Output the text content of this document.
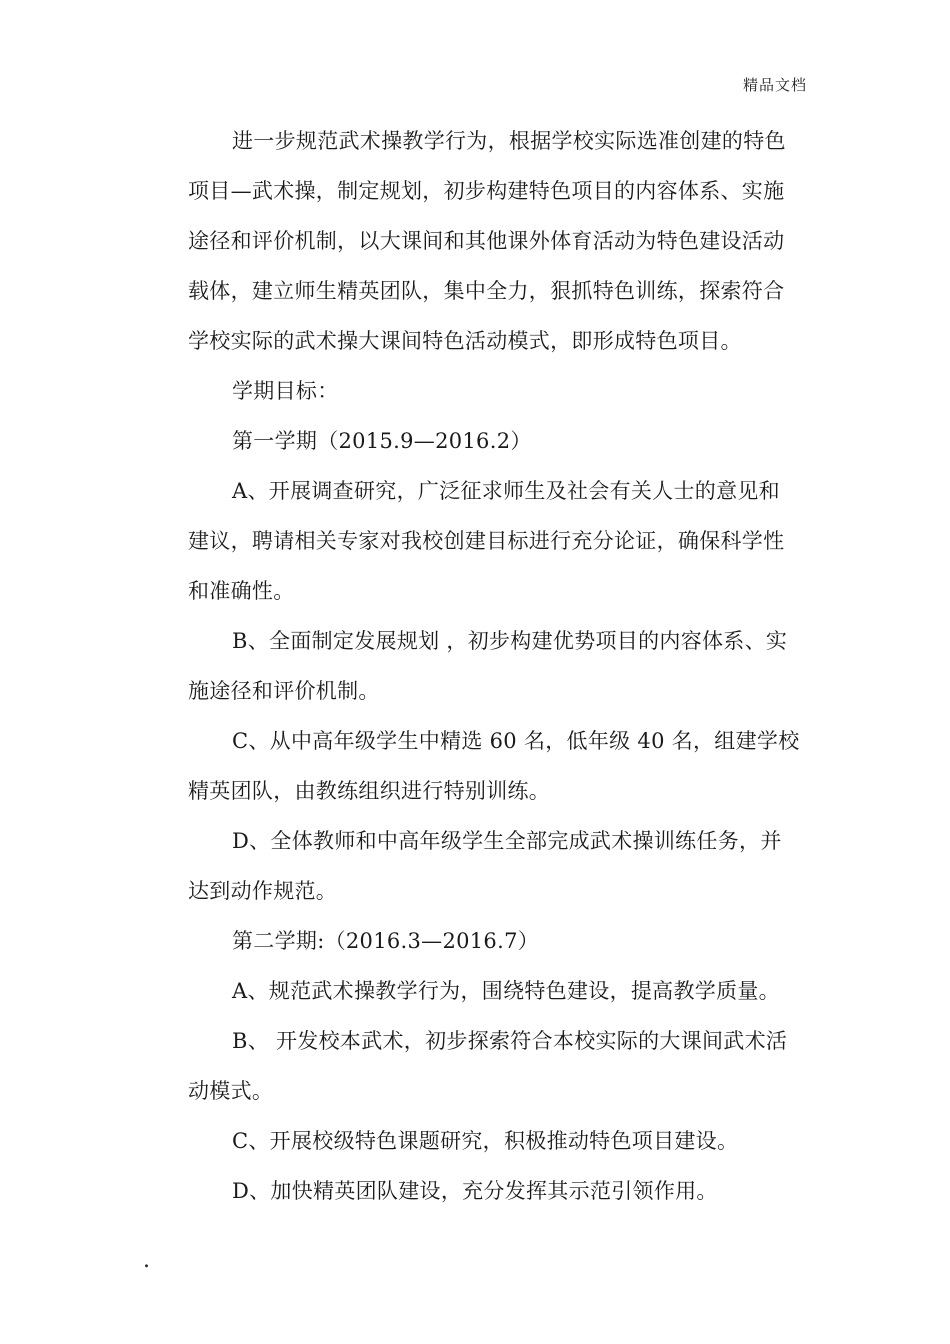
精品文档
进一步规范武术操教学行为，根据学校实际选准创建的特色
项目—武术操，制定规划，初步构建特色项目的内容体系、实施
途径和评价机制，以大课间和其他课外体育活动为特色建设活动
载体，建立师生精英团队，集中全力，狠抓特色训练，探索符合
学校实际的武术操大课间特色活动模式，即形成特色项目。
学期目标：
第一学期（2015.9—2016.2）
A、开展调查研究，广泛征求师生及社会有关人士的意见和
建议，聘请相关专家对我校创建目标进行充分论证，确保科学性
和准确性。
B、全面制定发展规划 ，初步构建优势项目的内容体系、实
施途径和评价机制。
C、从中高年级学生中精选 60 名，低年级 40 名，组建学校
精英团队，由教练组织进行特别训练。
D、全体教师和中高年级学生全部完成武术操训练任务，并
达到动作规范。
第二学期:（2016.3—2016.7）
A、规范武术操教学行为，围绕特色建设，提高教学质量。
B、 开发校本武术，初步探索符合本校实际的大课间武术活
动模式。
C、开展校级特色课题研究，积极推动特色项目建设。
D、加快精英团队建设，充分发挥其示范引领作用。
.
